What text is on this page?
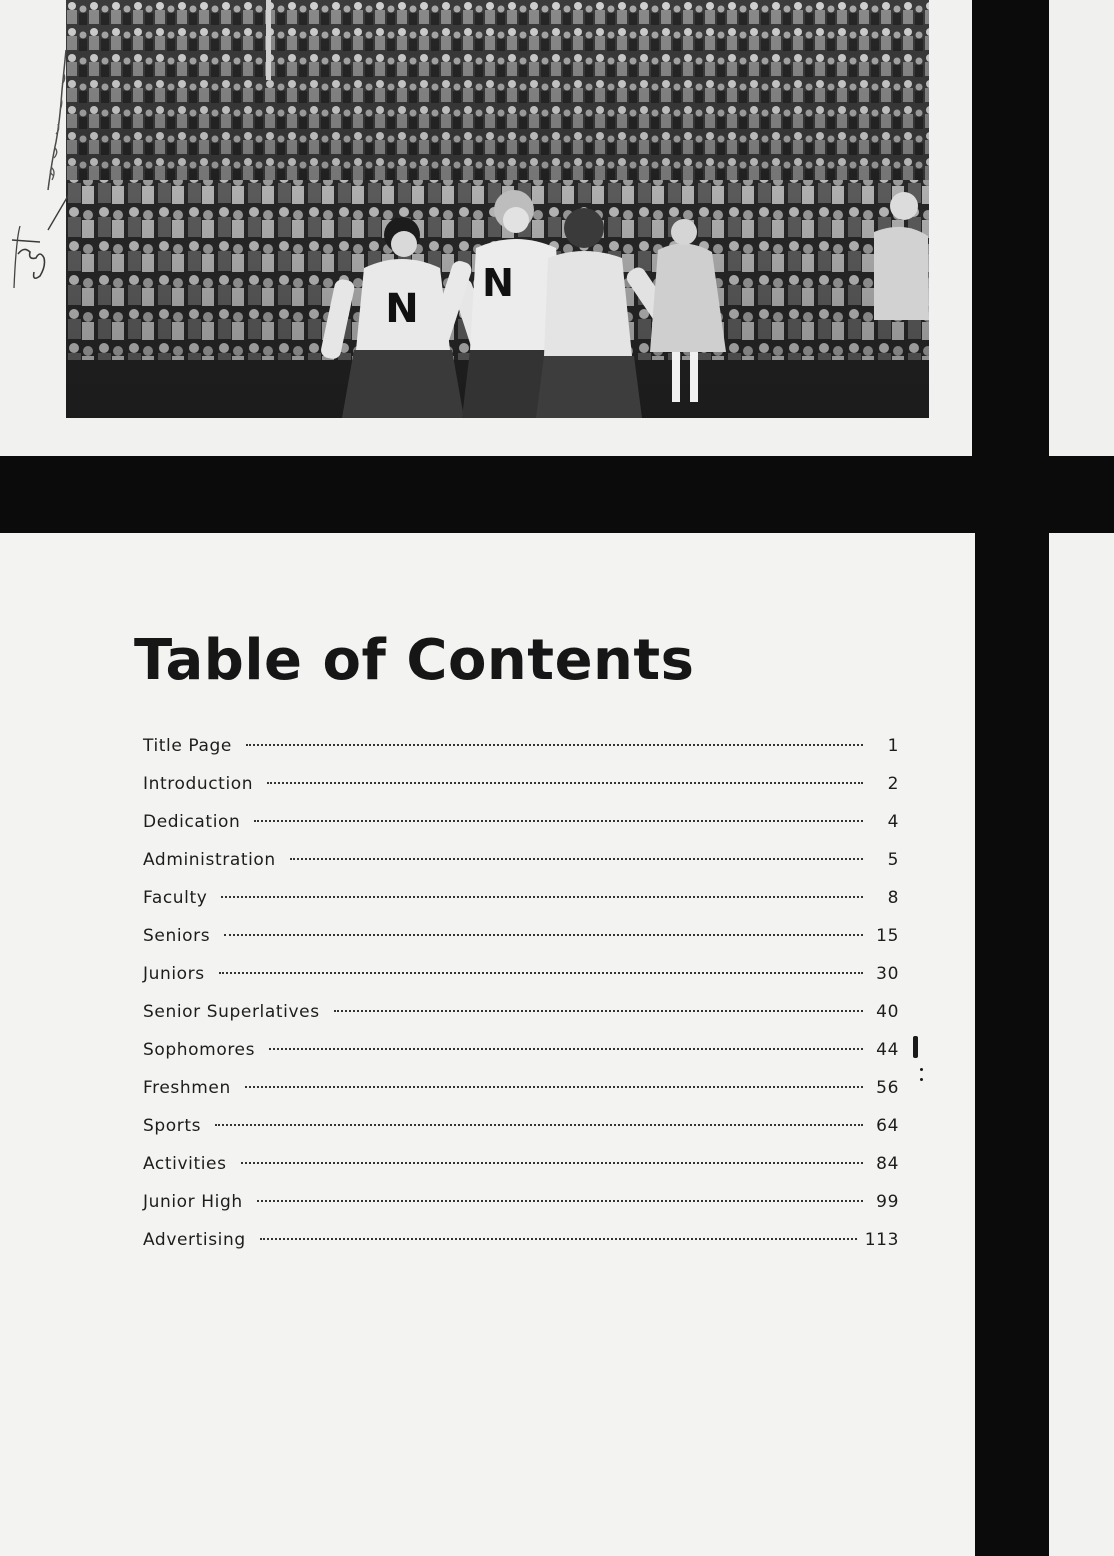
N
N
Table of Contents
Title Page	1
Introduction	2
Dedication	4
Administration	5
Faculty	8
Seniors	15
Juniors	30
Senior Superlatives	40
Sophomores	44
Freshmen	56
Sports	64
Activities	84
Junior High	99
Advertising	113
